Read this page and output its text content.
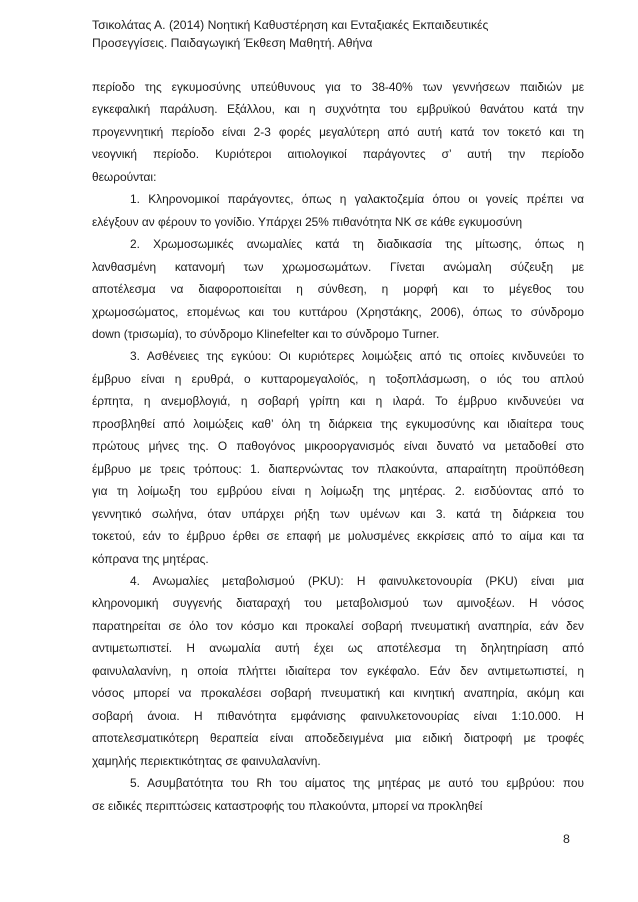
Τσικολάτας Α. (2014) Νοητική Καθυστέρηση και Ενταξιακές Εκπαιδευτικές
Προσεγγίσεις. Παιδαγωγική Έκθεση Μαθητή. Αθήνα

περίοδο της εγκυμοσύνης υπεύθυνους για το 38-40% των γεννήσεων παιδιών με
εγκεφαλική παράλυση. Εξάλλου, και η συχνότητα του εμβρυϊκού θανάτου κατά την
προγεννητική περίοδο είναι 2-3 φορές μεγαλύτερη από αυτή κατά τον τοκετό και τη
νεογνική περίοδο. Κυριότεροι αιτιολογικοί παράγοντες σ’ αυτή την περίοδο
θεωρούνται:

1. Κληρονομικοί παράγοντες, όπως η γαλακτοζεμία όπου οι γονείς πρέπει να
ελέγξουν αν φέρουν το γονίδιο. Υπάρχει 25% πιθανότητα ΝΚ σε κάθε εγκυμοσύνη

2. Χρωμοσωμικές ανωμαλίες κατά τη διαδικασία της μίτωσης, όπως η
λανθασμένη κατανομή των χρωμοσωμάτων. Γίνεται ανώμαλη σύζευξη με
αποτέλεσμα να διαφοροποιείται η σύνθεση, η μορφή και το μέγεθος του
χρωμοσώματος, επομένως και του κυττάρου (Χρηστάκης, 2006), όπως το σύνδρομο
down (τρισωμία), το σύνδρομο Klinefelter και το σύνδρομο Turner.

3. Ασθένειες της εγκύου: Οι κυριότερες λοιμώξεις από τις οποίες κινδυνεύει το
έμβρυο είναι η ερυθρά, ο κυτταρομεγαλοϊός, η τοξοπλάσμωση, ο ιός του απλού
έρπητα, η ανεμοβλογιά, η σοβαρή γρίπη και η ιλαρά. Το έμβρυο κινδυνεύει να
προσβληθεί από λοιμώξεις καθ’ όλη τη διάρκεια της εγκυμοσύνης και ιδιαίτερα τους
πρώτους μήνες της. Ο παθογόνος μικροοργανισμός είναι δυνατό να μεταδοθεί στο
έμβρυο με τρεις τρόπους: 1. διαπερνώντας τον πλακούντα, απαραίτητη προϋπόθεση
για τη λοίμωξη του εμβρύου είναι η λοίμωξη της μητέρας. 2. εισδύοντας από το
γεννητικό σωλήνα, όταν υπάρχει ρήξη των υμένων και 3. κατά τη διάρκεια του
τοκετού, εάν το έμβρυο έρθει σε επαφή με μολυσμένες εκκρίσεις από το αίμα και τα
κόπρανα της μητέρας.

4. Ανωμαλίες μεταβολισμού (PKU): Η φαινυλκετονουρία (PKU) είναι μια
κληρονομική συγγενής διαταραχή του μεταβολισμού των αμινοξέων. Η νόσος
παρατηρείται σε όλο τον κόσμο και προκαλεί σοβαρή πνευματική αναπηρία, εάν δεν
αντιμετωπιστεί. Η ανωμαλία αυτή έχει ως αποτέλεσμα τη δηλητηρίαση από
φαινυλαλανίνη, η οποία πλήττει ιδιαίτερα τον εγκέφαλο. Εάν δεν αντιμετωπιστεί, η
νόσος μπορεί να προκαλέσει σοβαρή πνευματική και κινητική αναπηρία, ακόμη και
σοβαρή άνοια. Η πιθανότητα εμφάνισης φαινυλκετονουρίας είναι 1:10.000. Η
αποτελεσματικότερη θεραπεία είναι αποδεδειγμένα μια ειδική διατροφή με τροφές
χαμηλής περιεκτικότητας σε φαινυλαλανίνη.

5. Ασυμβατότητα του Rh του αίματος της μητέρας με αυτό του εμβρύου: που
σε ειδικές περιπτώσεις καταστροφής του πλακούντα, μπορεί να προκληθεί

8
